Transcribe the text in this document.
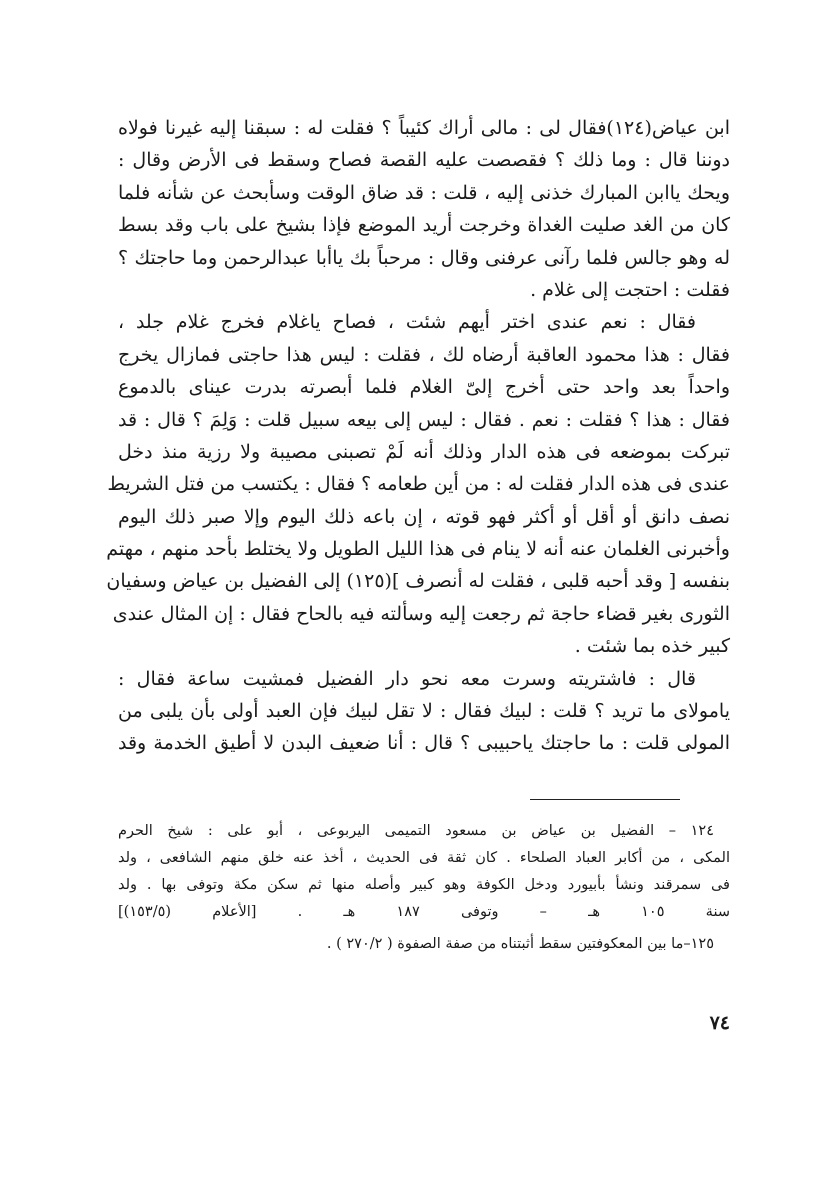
ابن عياض(١٢٤)فقال لى : مالى أراك كئيباً ؟ فقلت له : سبقنا إليه غيرنا فولاه
دوننا قال : وما ذلك ؟ فقصصت عليه القصة فصاح وسقط فى الأرض وقال :
ويحك ياابن المبارك خذنى إليه ، قلت : قد ضاق الوقت وسأبحث عن شأنه فلما
كان من الغد صليت الغداة وخرجت أريد الموضع فإذا بشيخ على باب وقد بسط
له وهو جالس فلما رآنى عرفنى وقال : مرحباً بك ياأبا عبدالرحمن وما حاجتك ؟
فقلت : احتجت إلى غلام .
فقال : نعم عندى اختر أيهم شئت ، فصاح ياغلام فخرج غلام جلد ،
فقال : هذا محمود العاقبة أرضاه لك ، فقلت : ليس هذا حاجتى فمازال يخرج
واحداً بعد واحد حتى أخرج إلىّ الغلام فلما أبصرته بدرت عيناى بالدموع
فقال : هذا ؟ فقلت : نعم . فقال : ليس إلى بيعه سبيل قلت : وَلِمَ ؟ قال : قد
تبركت بموضعه فى هذه الدار وذلك أنه لَمْ تصبنى مصيبة ولا رزية منذ دخل
عندى فى هذه الدار فقلت له : من أين طعامه ؟ فقال : يكتسب من فتل الشريط
نصف دانق أو أقل أو أكثر فهو قوته ، إن باعه ذلك اليوم وإلا صبر ذلك اليوم
وأخبرنى الغلمان عنه أنه لا ينام فى هذا الليل الطويل ولا يختلط بأحد منهم ، مهتم
بنفسه [ وقد أحبه قلبى ، فقلت له أنصرف ](١٢٥) إلى الفضيل بن عياض وسفيان
الثورى بغير قضاء حاجة ثم رجعت إليه وسألته فيه بالحاح فقال : إن المثال عندى
كبير خذه بما شئت .
قال : فاشتريته وسرت معه نحو دار الفضيل فمشيت ساعة فقال :
ياموﻻى ما تريد ؟ قلت : لبيك فقال : لا تقل لبيك فإن العبد أولى بأن يلبى من
المولى قلت : ما حاجتك ياحبيبى ؟ قال : أنا ضعيف البدن لا أطيق الخدمة وقد
١٢٤ – الفضيل بن عياض بن مسعود التميمى اليربوعى ، أبو على : شيخ الحرم
المكى ، من أكابر العباد الصلحاء . كان ثقة فى الحديث ، أخذ عنه خلق منهم الشافعى ، ولد
فى سمرقند ونشأ بأبيورد ودخل الكوفة وهو كبير وأصله منها ثم سكن مكة وتوفى بها . ولد
سنة ١٠٥ هـ – وتوفى ١٨٧ هـ . [الأعلام (١٥٣/٥)]
١٢٥–ما بين المعكوفتين سقط أثبتناه من صفة الصفوة ( ٢٧٠/٢ ) .
٧٤
